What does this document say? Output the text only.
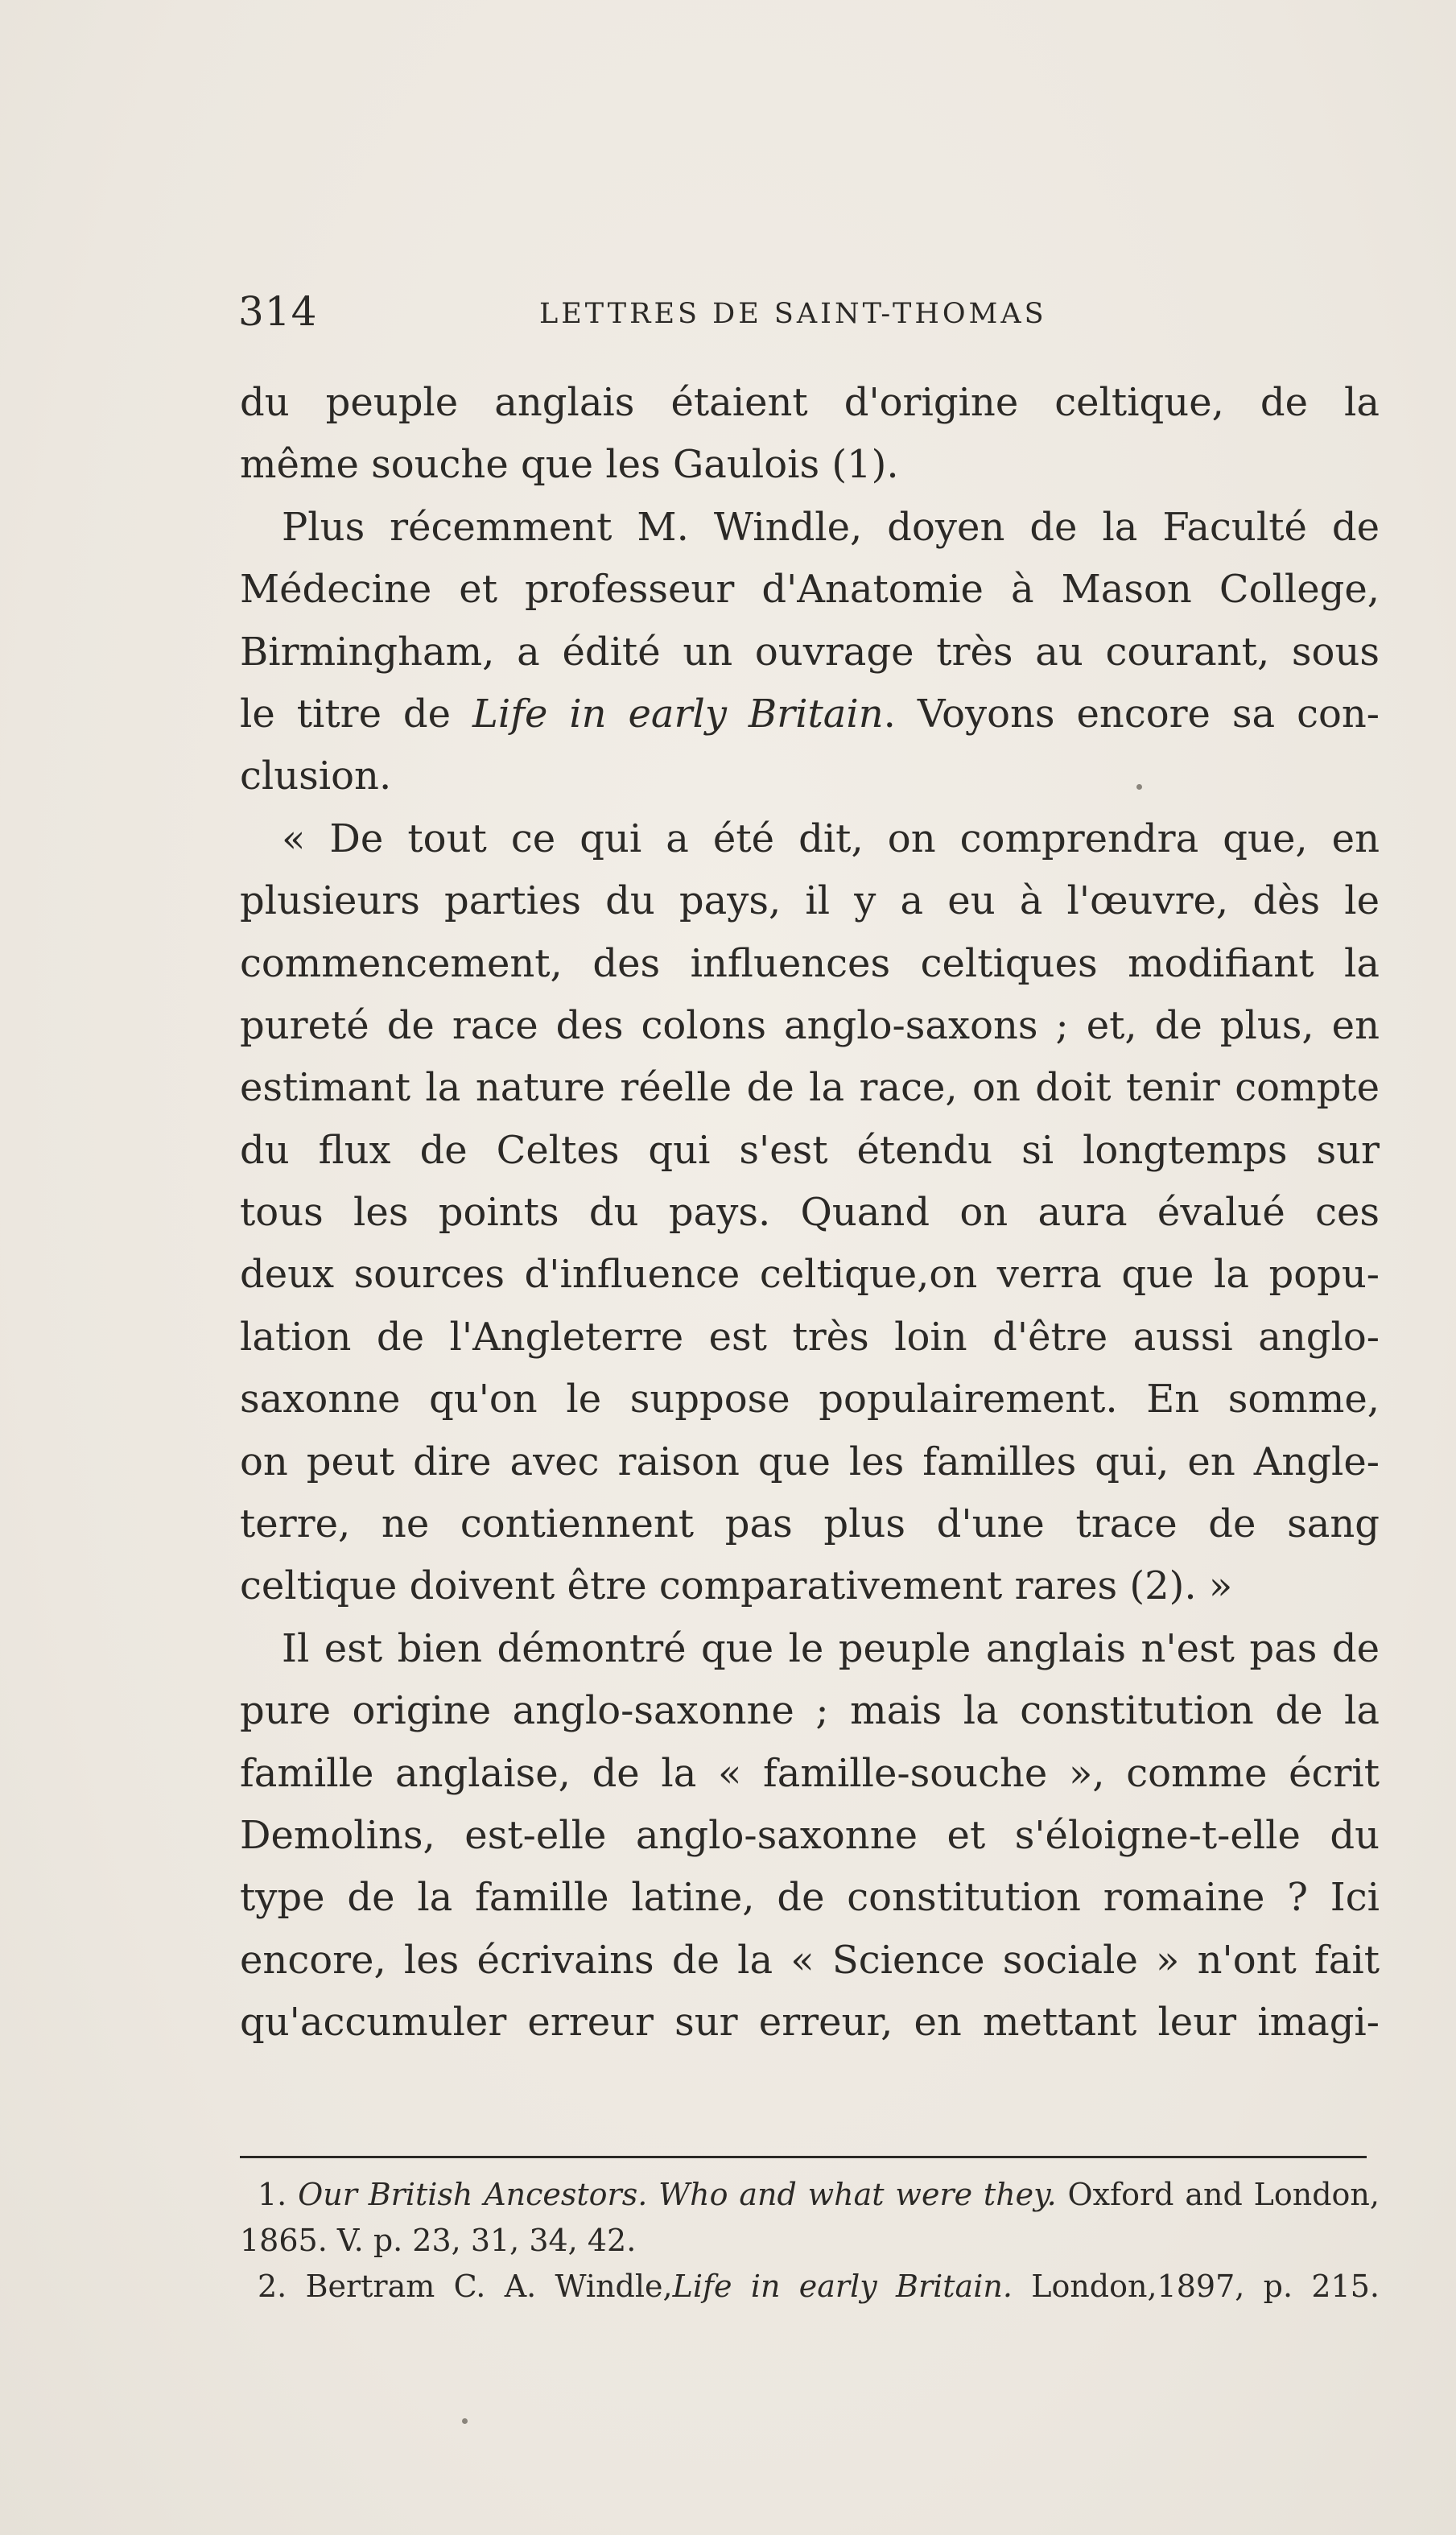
314	LETTRES DE SAINT-THOMAS
du peuple anglais étaient d'origine celtique, de la
même souche que les Gaulois (1).
Plus récemment M. Windle, doyen de la Faculté de
Médecine et professeur d'Anatomie à Mason College,
Birmingham, a édité un ouvrage très au courant, sous
le titre de Life in early Britain. Voyons encore sa con-
clusion.
« De tout ce qui a été dit, on comprendra que, en
plusieurs parties du pays, il y a eu à l'œuvre, dès le
commencement, des influences celtiques modifiant la
pureté de race des colons anglo-saxons ; et, de plus, en
estimant la nature réelle de la race, on doit tenir compte
du flux de Celtes qui s'est étendu si longtemps sur
tous les points du pays. Quand on aura évalué ces
deux sources d'influence celtique,on verra que la popu-
lation de l'Angleterre est très loin d'être aussi anglo-
saxonne qu'on le suppose populairement. En somme,
on peut dire avec raison que les familles qui, en Angle-
terre, ne contiennent pas plus d'une trace de sang
celtique doivent être comparativement rares (2). »
Il est bien démontré que le peuple anglais n'est pas de
pure origine anglo-saxonne ; mais la constitution de la
famille anglaise, de la « famille-souche », comme écrit
Demolins, est-elle anglo-saxonne et s'éloigne-t-elle du
type de la famille latine, de constitution romaine ? Ici
encore, les écrivains de la « Science sociale » n'ont fait
qu'accumuler erreur sur erreur, en mettant leur imagi-
1. Our British Ancestors. Who and what were they. Oxford and London,
1865. V. p. 23, 31, 34, 42.
2. Bertram C. A. Windle,Life in early Britain. London,1897, p. 215.
